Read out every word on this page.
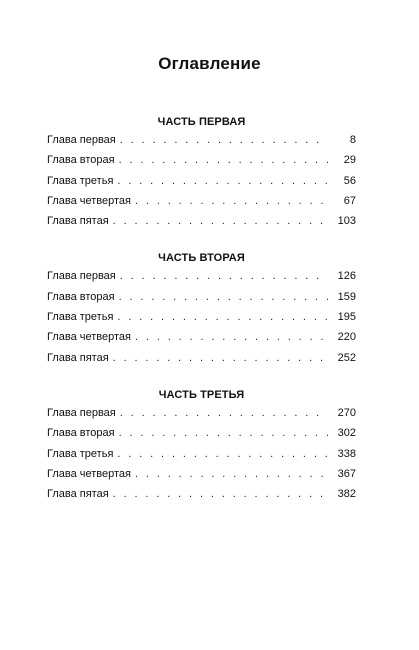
Оглавление
ЧАСТЬ ПЕРВАЯ
Глава первая . . .	8
Глава вторая . . .	29
Глава третья . . .	56
Глава четвертая . . .	67
Глава пятая . . .	103
ЧАСТЬ ВТОРАЯ
Глава первая . . .	126
Глава вторая . . .	159
Глава третья . . .	195
Глава четвертая . . .	220
Глава пятая . . .	252
ЧАСТЬ ТРЕТЬЯ
Глава первая . . .	270
Глава вторая . . .	302
Глава третья . . .	338
Глава четвертая . . .	367
Глава пятая . . .	382
